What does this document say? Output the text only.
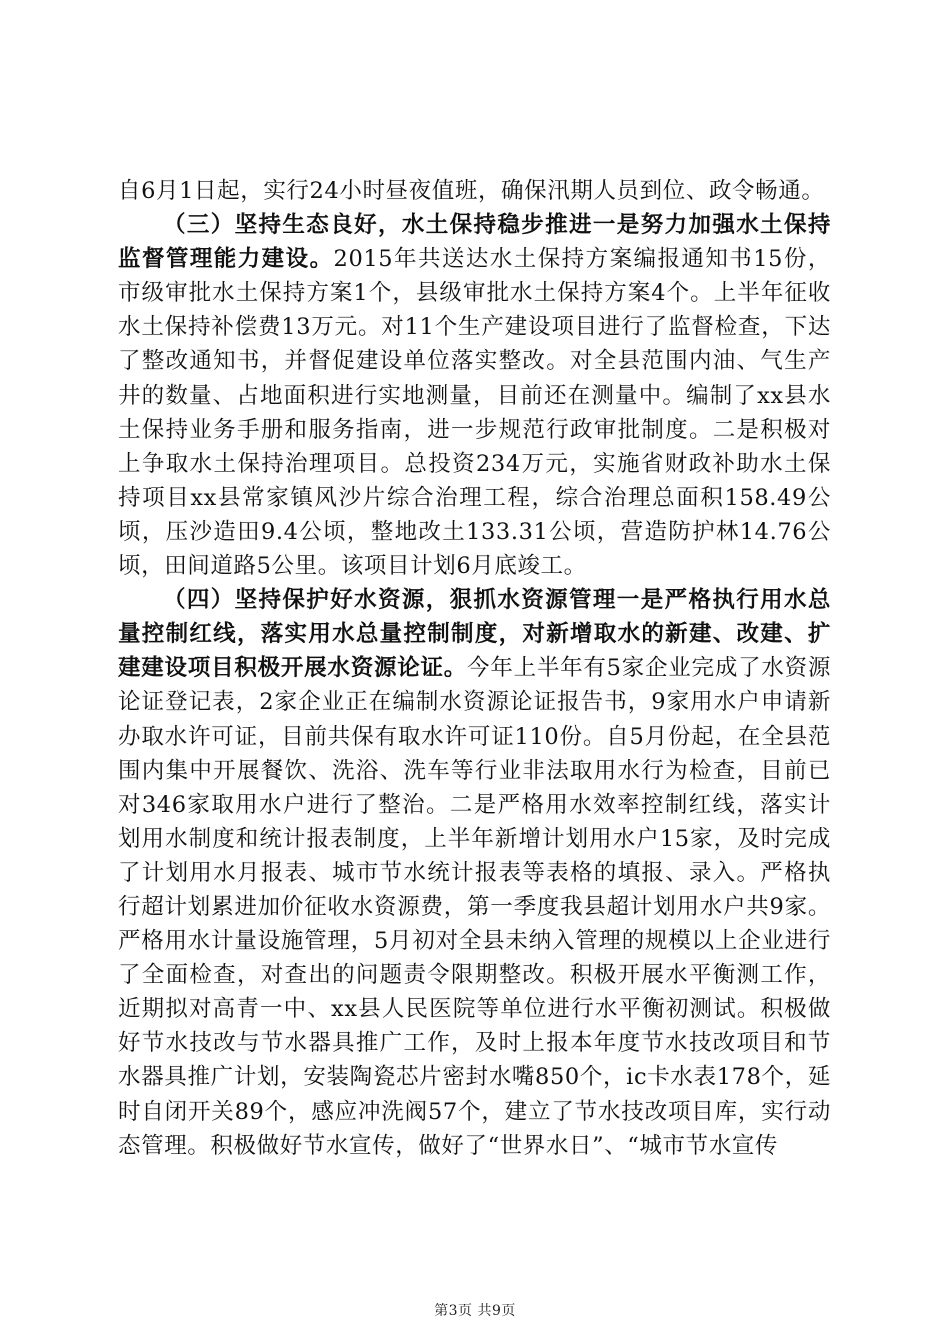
自6月1日起，实行24小时昼夜值班，确保汛期人员到位、政令畅通。

（三）坚持生态良好，水土保持稳步推进一是努力加强水土保持监督管理能力建设。2015年共送达水土保持方案编报通知书15份，市级审批水土保持方案1个，县级审批水土保持方案4个。上半年征收水土保持补偿费13万元。对11个生产建设项目进行了监督检查，下达了整改通知书，并督促建设单位落实整改。对全县范围内油、气生产井的数量、占地面积进行实地测量，目前还在测量中。编制了xx县水土保持业务手册和服务指南，进一步规范行政审批制度。二是积极对上争取水土保持治理项目。总投资234万元，实施省财政补助水土保持项目xx县常家镇风沙片综合治理工程，综合治理总面积158.49公顷，压沙造田9.4公顷，整地改土133.31公顷，营造防护林14.76公顷，田间道路5公里。该项目计划6月底竣工。

（四）坚持保护好水资源，狠抓水资源管理一是严格执行用水总量控制红线，落实用水总量控制制度，对新增取水的新建、改建、扩建建设项目积极开展水资源论证。今年上半年有5家企业完成了水资源论证登记表，2家企业正在编制水资源论证报告书，9家用水户申请新办取水许可证，目前共保有取水许可证110份。自5月份起，在全县范围内集中开展餐饮、洗浴、洗车等行业非法取用水行为检查，目前已对346家取用水户进行了整治。二是严格用水效率控制红线，落实计划用水制度和统计报表制度，上半年新增计划用水户15家，及时完成了计划用水月报表、城市节水统计报表等表格的填报、录入。严格执行超计划累进加价征收水资源费，第一季度我县超计划用水户共9家。严格用水计量设施管理，5月初对全县未纳入管理的规模以上企业进行了全面检查，对查出的问题责令限期整改。积极开展水平衡测工作，近期拟对高青一中、xx县人民医院等单位进行水平衡初测试。积极做好节水技改与节水器具推广工作，及时上报本年度节水技改项目和节水器具推广计划，安装陶瓷芯片密封水嘴850个，ic卡水表178个，延时自闭开关89个，感应冲洗阀57个，建立了节水技改项目库，实行动态管理。积极做好节水宣传，做好了“世界水日”、“城市节水宣传

第3页 共9页
